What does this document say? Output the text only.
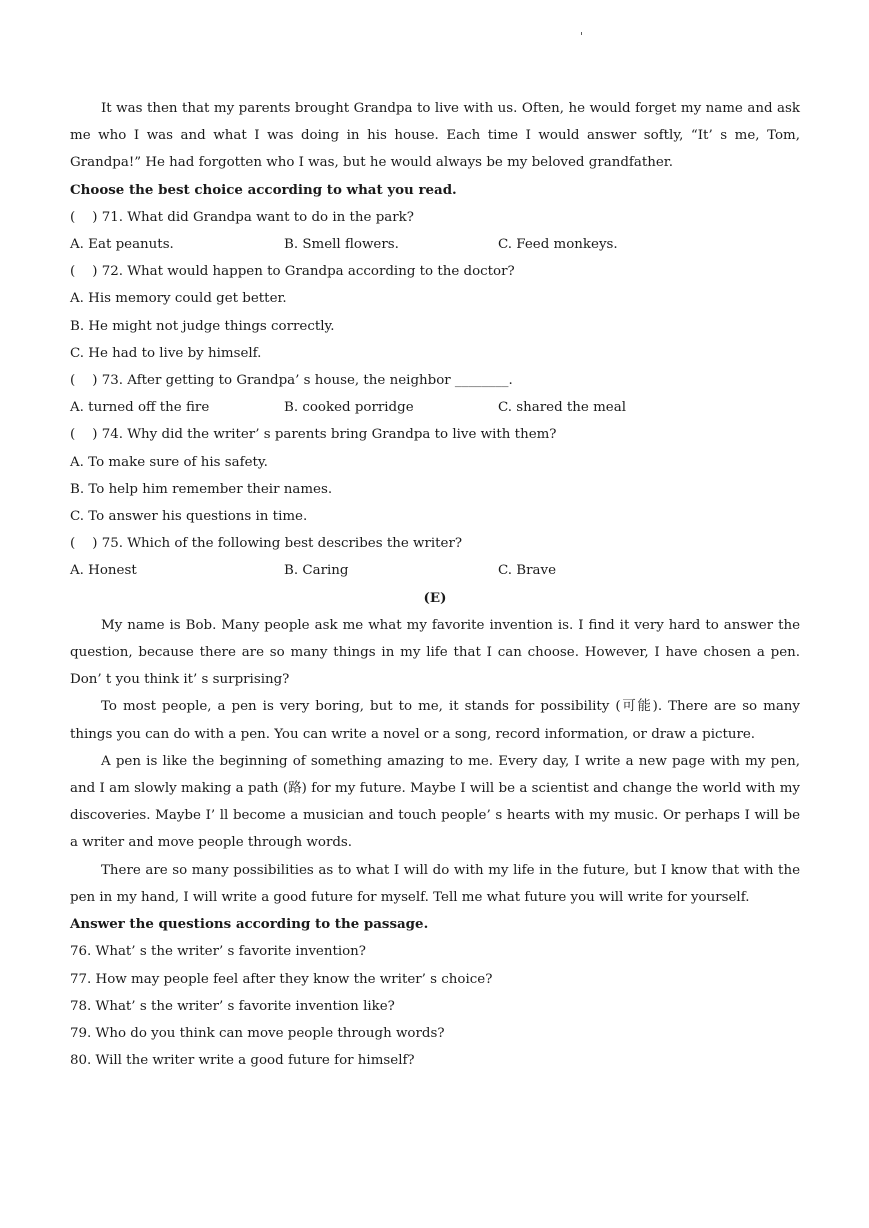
'

It was then that my parents brought Grandpa to live with us. Often, he would forget my name and ask me who I was and what I was doing in his house. Each time I would answer softly, “It’ s me, Tom, Grandpa!” He had forgotten who I was, but he would always be my beloved grandfather.

Choose the best choice according to what you read.

(    ) 71. What did Grandpa want to do in the park?

A. Eat peanuts.	B. Smell flowers.	C. Feed monkeys.

(    ) 72. What would happen to Grandpa according to the doctor?

A. His memory could get better.

B. He might not judge things correctly.

C. He had to live by himself.

(    ) 73. After getting to Grandpa’ s house, the neighbor ________.

A. turned off the fire	B. cooked porridge	C. shared the meal

(    ) 74. Why did the writer’ s parents bring Grandpa to live with them?

A. To make sure of his safety.

B. To help him remember their names.

C. To answer his questions in time.

(    ) 75. Which of the following best describes the writer?

A. Honest	B. Caring	C. Brave

(E)

My name is Bob. Many people ask me what my favorite invention is. I find it very hard to answer the question, because there are so many things in my life that I can choose. However, I have chosen a pen. Don’ t you think it’ s surprising?

To most people, a pen is very boring, but to me, it stands for possibility (可能). There are so many things you can do with a pen. You can write a novel or a song, record information, or draw a picture.

A pen is like the beginning of something amazing to me. Every day, I write a new page with my pen, and I am slowly making a path (路) for my future. Maybe I will be a scientist and change the world with my discoveries. Maybe I’ ll become a musician and touch people’ s hearts with my music. Or perhaps I will be a writer and move people through words.

There are so many possibilities as to what I will do with my life in the future, but I know that with the pen in my hand, I will write a good future for myself. Tell me what future you will write for yourself.

Answer the questions according to the passage.

76. What’ s the writer’ s favorite invention?

77. How may people feel after they know the writer’ s choice?

78. What’ s the writer’ s favorite invention like?

79. Who do you think can move people through words?

80. Will the writer write a good future for himself?
